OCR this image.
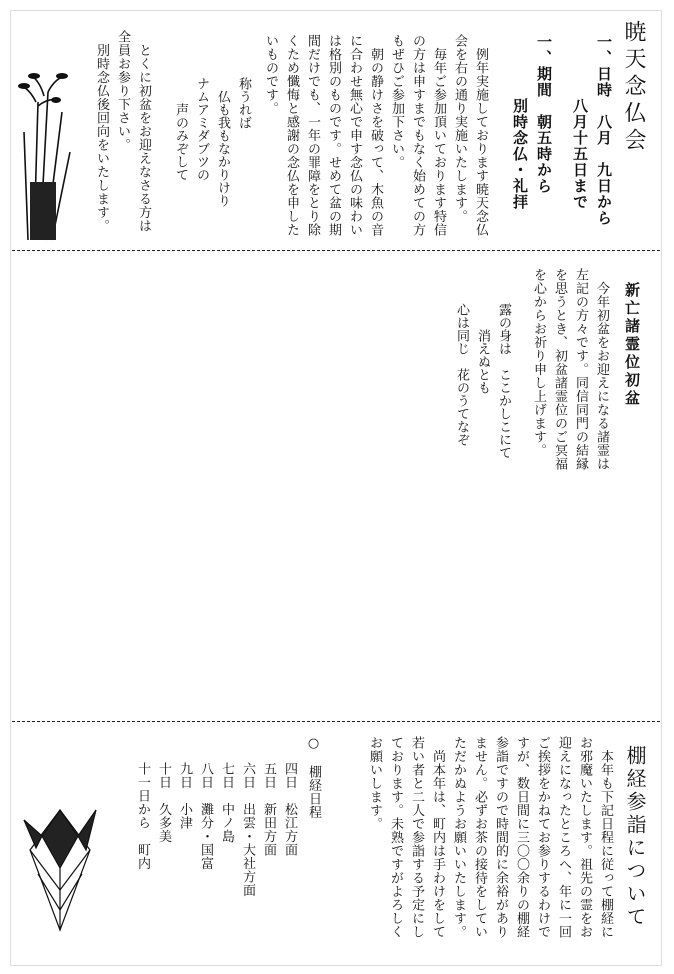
暁天念仏会
一、日時　八月　九日から
　　　　八月十五日まで
一、期間　朝五時から
　　　　別時念仏・礼拝
　例年実施しております暁天念仏
会を右の通り実施いたします。
　毎年ご参加頂いております特信
の方は申すまでもなく始めての方
もぜひご参加下さい。
　朝の静けさを破って、木魚の音
に合わせ無心で申す念仏の味わい
は格別のものです。せめて盆の期
間だけでも、一年の罪障をとり除
くため懺悔と感謝の念仏を申した
いものです。
　　　称うれば
　　　　仏も我もなかりけり
　　　ナムアミダブツの
　　　　　声のみぞして
　とくに初盆をお迎えなさる方は
全員お参り下さい。
　別時念仏後回向をいたします。
新亡諸霊位初盆
　今年初盆をお迎えになる諸霊は
左記の方々です。同信同門の結縁
を思うとき、初盆諸霊位のご冥福
を心からお祈り申し上げます。
　露の身は　ここかしこにて
　　　消えぬとも
　心は同じ　花のうてなぞ
棚経参詣について
　本年も下記日程に従って棚経に
お邪魔いたします。祖先の霊をお
迎えになったところへ、年に一回
ご挨拶をかねてお参りするわけで
すが、数日間に三〇〇余りの棚経
参詣ですので時間的に余裕があり
ません。必ずお茶の接待をしてい
ただかぬようお願いいたします。
　尚本年は、町内は手わけをして
若い者と二人で参詣する予定にし
ております。未熟ですがよろしく
お願いします。
○　棚経日程
四日　松江方面
五日　新田方面
六日　出雲・大社方面
七日　中ノ島
八日　灘分・国富
九日　小津
十日　久多美
十一日から　町内
